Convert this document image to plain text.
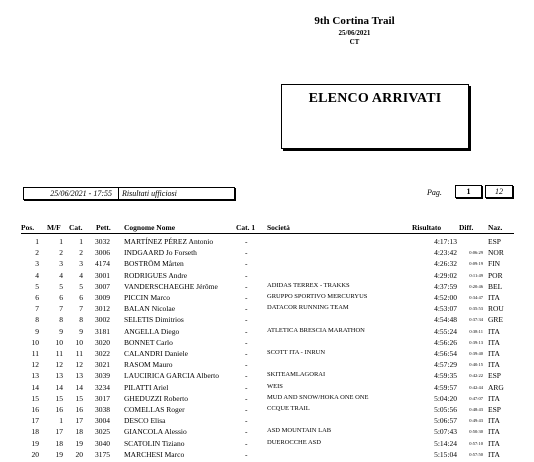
9th Cortina Trail
25/06/2021
CT
ELENCO ARRIVATI
25/06/2021 - 17:55 Risultati ufficiosi	Pag.	1	12
Pos. M/F Cat. Pett. Cognome Nome	Cat. 1 Società	Risultato Diff. Naz.
1	1	1 3032 MARTÍNEZ PÉREZ Antonio	-	4:17:13	ESP
2	2	2 3006 INDGAARD Jo Forseth	-	4:23:42	0:06:29 NOR
3	3	3 4174 BOSTRÖM Mårten	-	4:26:32	0:09:19 FIN
4	4	4 3001 RODRIGUES Andre	-	4:29:02	0:11:49 POR
5	5	5 3007 VANDERSCHAEGHE Jérôme	-	ADIDAS TERREX - TRAKKS	4:37:59	0:20:46 BEL
6	6	6 3009 PICCIN Marco	-	GRUPPO SPORTIVO MERCURYUS	4:52:00	0:34:47 ITA
7	7	7 3012 BALAN Nicolae	-	DATACOR RUNNING TEAM	4:53:07	0:35:53 ROU
8	8	8 3002 SELETIS Dimitrios	-	4:54:48	0:37:34 GRE
9	9	9 3181 ANGELLA Diego	-	ATLETICA BRESCIA MARATHON	4:55:24	0:38:11 ITA
10	10	10 3020 BONNET Carlo	-	4:56:26	0:39:13 ITA
11	11	11 3022 CALANDRI Daniele	-	SCOTT ITA - INRUN	4:56:54	0:39:40 ITA
12	12	12 3021 RASOM Mauro	-	4:57:29	0:40:15 ITA
13	13	13 3039 LAUCIRICA GARCIA Alberto	-	SKITEAMLAGORAI	4:59:35	0:42:22 ESP
14	14	14 3234 PILATTI Ariel	-	WEIS	4:59:57	0:42:44 ARG
15	15	15 3017 GHEDUZZI Roberto	-	MUD AND SNOW/HOKA ONE ONE	5:04:20	0:47:07 ITA
16	16	16 3038 COMELLAS Roger	-	CCQUE TRAIL	5:05:56	0:48:43 ESP
17	1	17 3004 DESCO Elisa	-	5:06:57	0:49:43 ITA
18	17	18 3025 GIANCOLA Alessio	-	ASD MOUNTAIN LAB	5:07:43	0:50:30 ITA
19	18	19 3040 SCATOLIN Tiziano	-	DUEROCCHE ASD	5:14:24	0:57:10 ITA
20	19	20 3175 MARCHESI Marco	-	5:15:04	0:57:50 ITA
